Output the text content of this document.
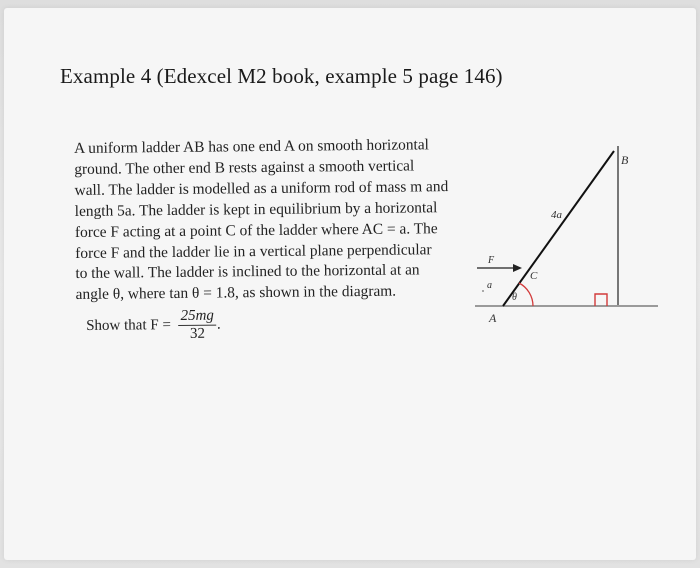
Example 4 (Edexcel M2 book, example 5 page 146)
A uniform ladder AB has one end A on smooth horizontal
ground. The other end B rests against a smooth vertical
wall. The ladder is modelled as a uniform rod of mass m and
length 5a. The ladder is kept in equilibrium by a horizontal
force F acting at a point C of the ladder where AC = a. The
force F and the ladder lie in a vertical plane perpendicular
to the wall. The ladder is inclined to the horizontal at an
angle θ, where tan θ = 1.8, as shown in the diagram.
Show that $F = \frac{25mg}{32}$ .
B
4a
F
C
a
θ
A
